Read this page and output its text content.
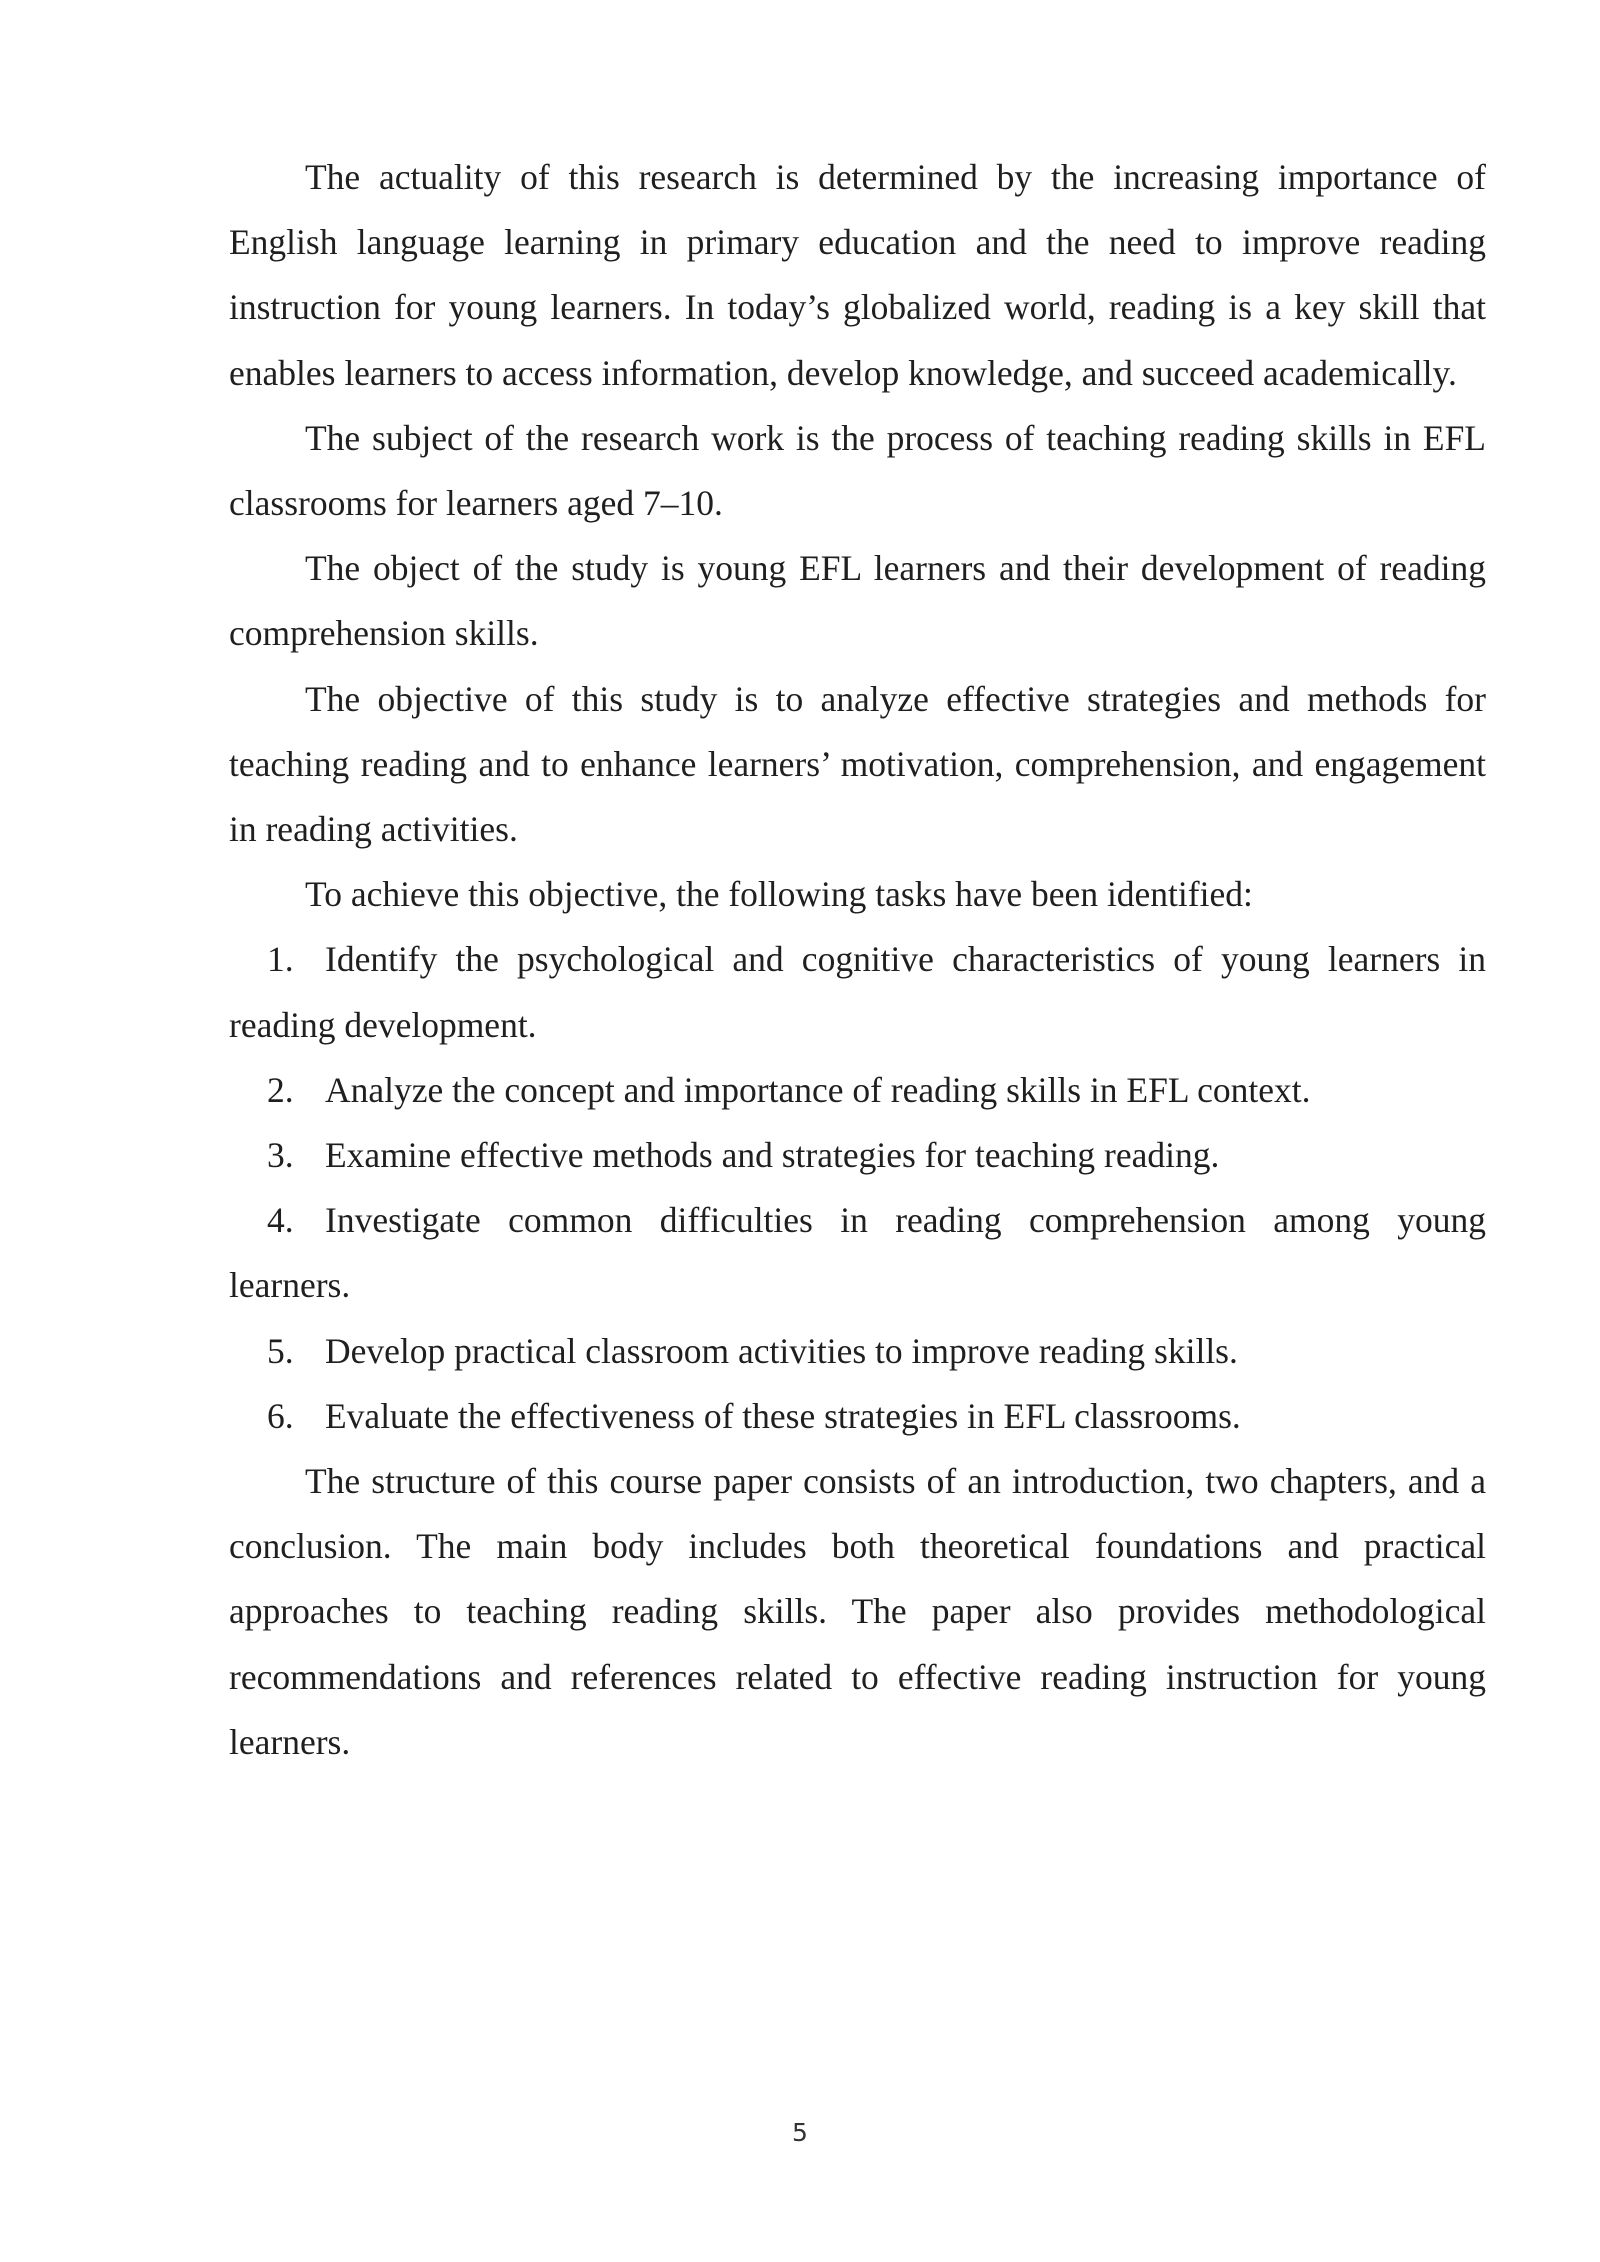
The actuality of this research is determined by the increasing importance of English language learning in primary education and the need to improve reading instruction for young learners. In today’s globalized world, reading is a key skill that enables learners to access information, develop knowledge, and succeed academically.

The subject of the research work is the process of teaching reading skills in EFL classrooms for learners aged 7–10.

The object of the study is young EFL learners and their development of reading comprehension skills.

The objective of this study is to analyze effective strategies and methods for teaching reading and to enhance learners’ motivation, comprehension, and engagement in reading activities.

To achieve this objective, the following tasks have been identified:

1. Identify the psychological and cognitive characteristics of young learners in reading development.

2. Analyze the concept and importance of reading skills in EFL context.

3. Examine effective methods and strategies for teaching reading.

4. Investigate common difficulties in reading comprehension among young learners.

5. Develop practical classroom activities to improve reading skills.

6. Evaluate the effectiveness of these strategies in EFL classrooms.

The structure of this course paper consists of an introduction, two chapters, and a conclusion. The main body includes both theoretical foundations and practical approaches to teaching reading skills. The paper also provides methodological recommendations and references related to effective reading instruction for young learners.

5
